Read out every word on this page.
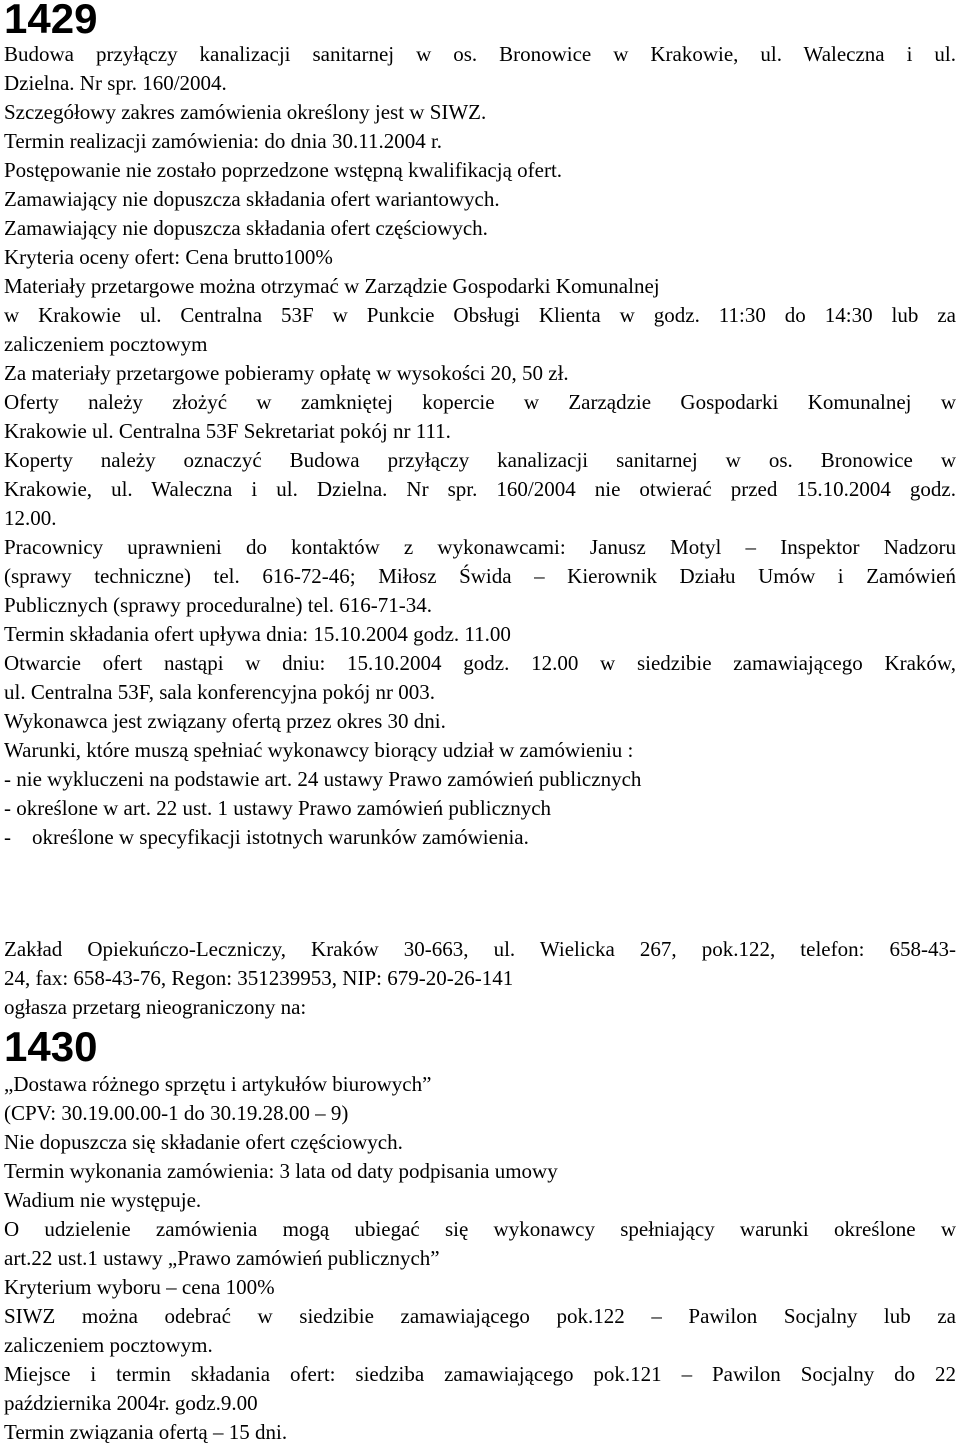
1429

Budowa przyłączy kanalizacji sanitarnej w os. Bronowice w Krakowie, ul. Waleczna i ul.

Dzielna. Nr spr. 160/2004.

Szczegółowy zakres zamówienia określony jest w SIWZ.

Termin realizacji zamówienia: do dnia 30.11.2004 r.

Postępowanie nie zostało poprzedzone wstępną kwalifikacją ofert.

Zamawiający nie dopuszcza składania ofert wariantowych.

Zamawiający nie dopuszcza składania ofert częściowych.

Kryteria oceny ofert: Cena brutto100%

Materiały przetargowe można otrzymać w Zarządzie Gospodarki Komunalnej

w Krakowie ul. Centralna 53F w Punkcie Obsługi Klienta w godz. 11:30 do 14:30 lub za

zaliczeniem pocztowym

Za materiały przetargowe pobieramy opłatę w wysokości 20, 50 zł.

Oferty należy złożyć w zamkniętej kopercie w Zarządzie Gospodarki Komunalnej w

Krakowie ul. Centralna 53F Sekretariat pokój nr 111.

Koperty należy oznaczyć Budowa przyłączy kanalizacji sanitarnej w os. Bronowice w

Krakowie, ul. Waleczna i ul. Dzielna. Nr spr. 160/2004 nie otwierać przed 15.10.2004 godz.

12.00.

Pracownicy uprawnieni do kontaktów z wykonawcami: Janusz Motyl – Inspektor Nadzoru

(sprawy techniczne) tel. 616-72-46; Miłosz Świda – Kierownik Działu Umów i Zamówień

Publicznych (sprawy proceduralne) tel. 616-71-34.

Termin składania ofert upływa dnia: 15.10.2004 godz. 11.00

Otwarcie ofert nastąpi w dniu: 15.10.2004 godz. 12.00 w siedzibie zamawiającego Kraków,

ul. Centralna 53F, sala konferencyjna pokój nr 003.

Wykonawca jest związany ofertą przez okres 30 dni.

Warunki, które muszą spełniać wykonawcy biorący udział w zamówieniu :

- nie wykluczeni na podstawie art. 24 ustawy Prawo zamówień publicznych

- określone w art. 22 ust. 1 ustawy Prawo zamówień publicznych

-    określone w specyfikacji istotnych warunków zamówienia.

Zakład Opiekuńczo-Leczniczy, Kraków 30-663, ul. Wielicka 267, pok.122, telefon: 658-43-

24, fax: 658-43-76, Regon: 351239953, NIP: 679-20-26-141

ogłasza przetarg nieograniczony na:

1430

„Dostawa różnego sprzętu i artykułów biurowych”

(CPV: 30.19.00.00-1 do 30.19.28.00 – 9)

Nie dopuszcza się składanie ofert częściowych.

Termin wykonania zamówienia: 3 lata od daty podpisania umowy

Wadium nie występuje.

O udzielenie zamówienia mogą ubiegać się wykonawcy spełniający warunki określone w

art.22 ust.1 ustawy „Prawo zamówień publicznych”

Kryterium wyboru – cena 100%

SIWZ można odebrać w siedzibie zamawiającego pok.122 – Pawilon Socjalny lub za

zaliczeniem pocztowym.

Miejsce i termin składania ofert: siedziba zamawiającego pok.121 – Pawilon Socjalny do 22

października 2004r. godz.9.00

Termin związania ofertą – 15 dni.
